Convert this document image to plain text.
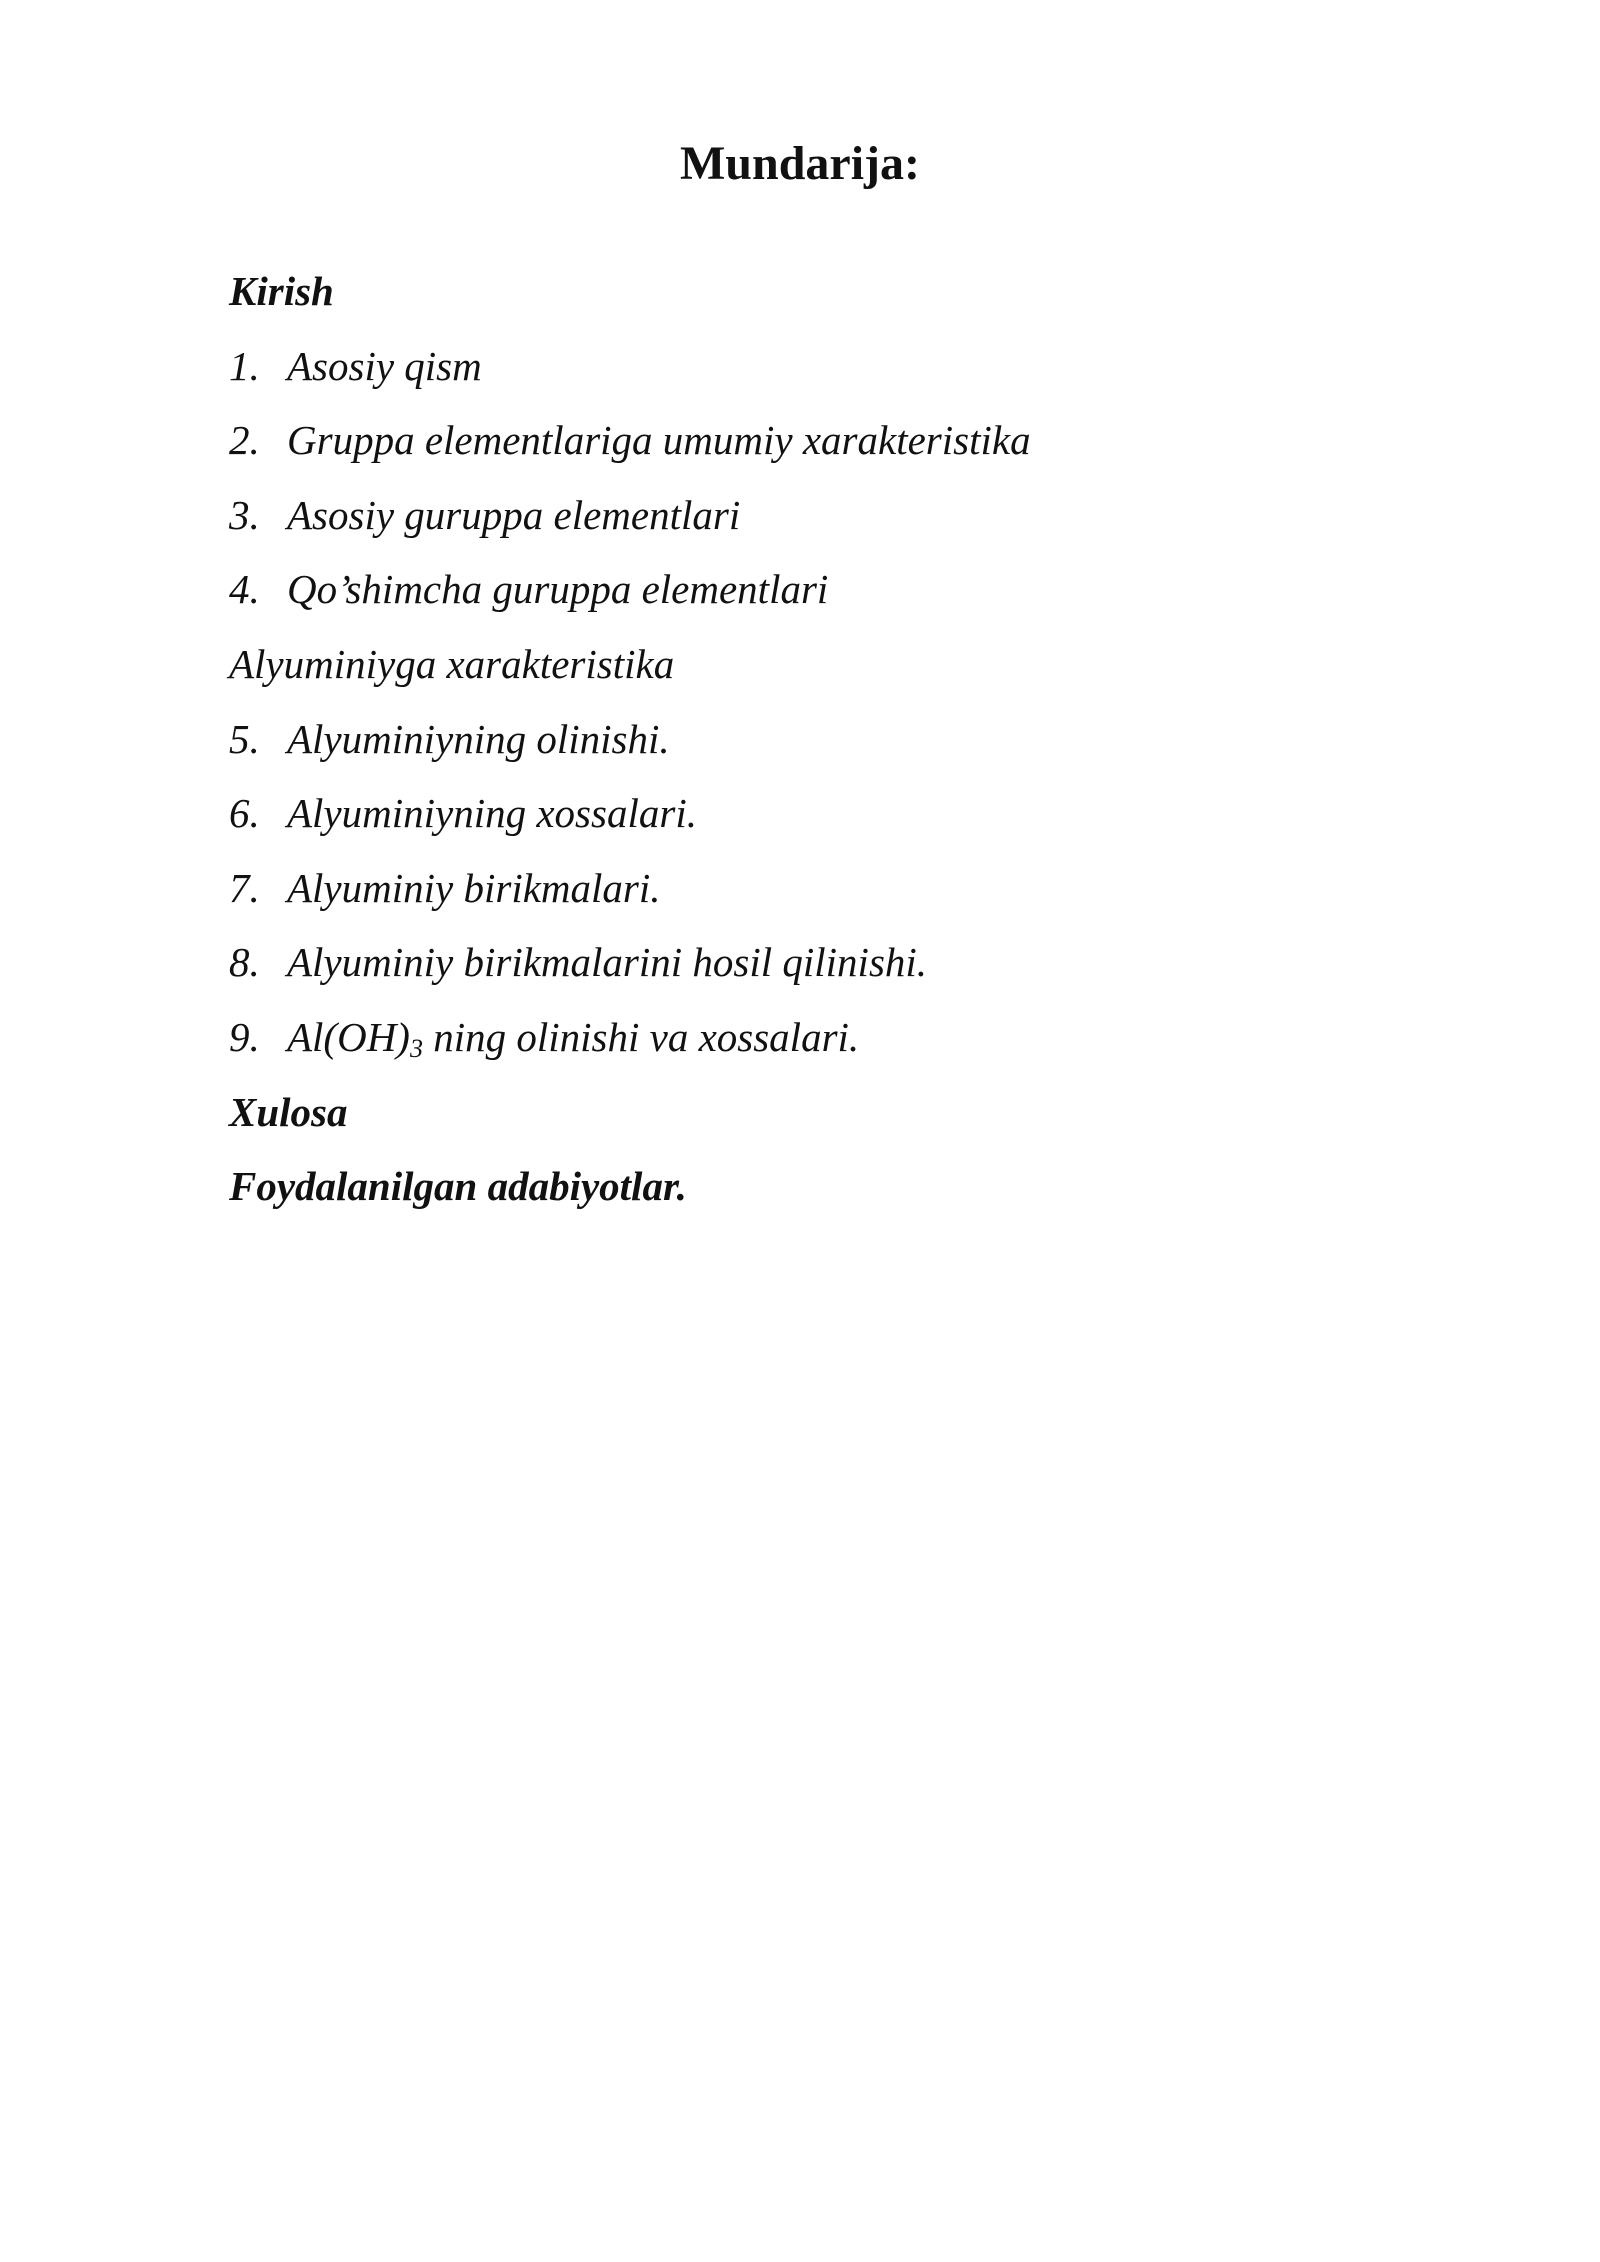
Mundarija:
Kirish
1. Asosiy qism
2. Gruppa elementlariga umumiy xarakteristika
3. Asosiy guruppa elementlari
4. Qo’shimcha guruppa elementlari
Alyuminiyga xarakteristika
5. Alyuminiyning olinishi.
6. Alyuminiyning xossalari.
7. Alyuminiy birikmalari.
8. Alyuminiy birikmalarini hosil qilinishi.
9. $Al(OH)_3$ ning olinishi va xossalari.
Xulosa
Foydalanilgan adabiyotlar.
